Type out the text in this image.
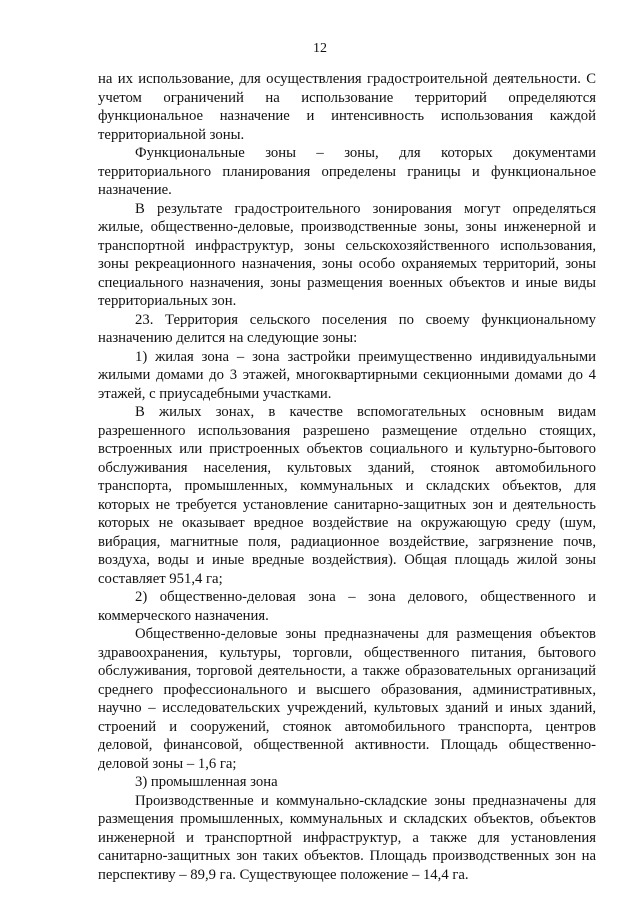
12

на их использование, для осуществления градостроительной деятельности. С учетом ограничений на использование территорий определяются функциональное назначение и интенсивность использования каждой территориальной зоны.

Функциональные зоны – зоны, для которых документами территориального планирования определены границы и функциональное назначение.

В результате градостроительного зонирования могут определяться жилые, общественно-деловые, производственные зоны, зоны инженерной и транспортной инфраструктур, зоны сельскохозяйственного использования, зоны рекреационного назначения, зоны особо охраняемых территорий, зоны специального назначения, зоны размещения военных объектов и иные виды территориальных зон.

23. Территория сельского поселения по своему функциональному назначению делится на следующие зоны:

1) жилая зона – зона застройки преимущественно индивидуальными жилыми домами до 3 этажей, многоквартирными секционными домами до 4 этажей, с приусадебными участками.

В жилых зонах, в качестве вспомогательных основным видам разрешенного использования разрешено размещение отдельно стоящих, встроенных или пристроенных объектов социального и культурно-бытового обслуживания населения, культовых зданий, стоянок автомобильного транспорта, промышленных, коммунальных и складских объектов, для которых не требуется установление санитарно-защитных зон и деятельность которых не оказывает вредное воздействие на окружающую среду (шум, вибрация, магнитные поля, радиационное воздействие, загрязнение почв, воздуха, воды и иные вредные воздействия). Общая площадь жилой зоны составляет 951,4 га;

2) общественно-деловая зона – зона делового, общественного и коммерческого назначения.

Общественно-деловые зоны предназначены для размещения объектов здравоохранения, культуры, торговли, общественного питания, бытового обслуживания, торговой деятельности, а также образовательных организаций среднего профессионального и высшего образования, административных, научно – исследовательских учреждений, культовых зданий и иных зданий, строений и сооружений, стоянок автомобильного транспорта, центров деловой, финансовой, общественной активности. Площадь общественно-деловой зоны – 1,6 га;

3) промышленная зона

Производственные и коммунально-складские зоны предназначены для размещения промышленных, коммунальных и складских объектов, объектов инженерной и транспортной инфраструктур, а также для установления санитарно-защитных зон таких объектов. Площадь производственных зон на перспективу – 89,9 га. Существующее положение – 14,4 га.
